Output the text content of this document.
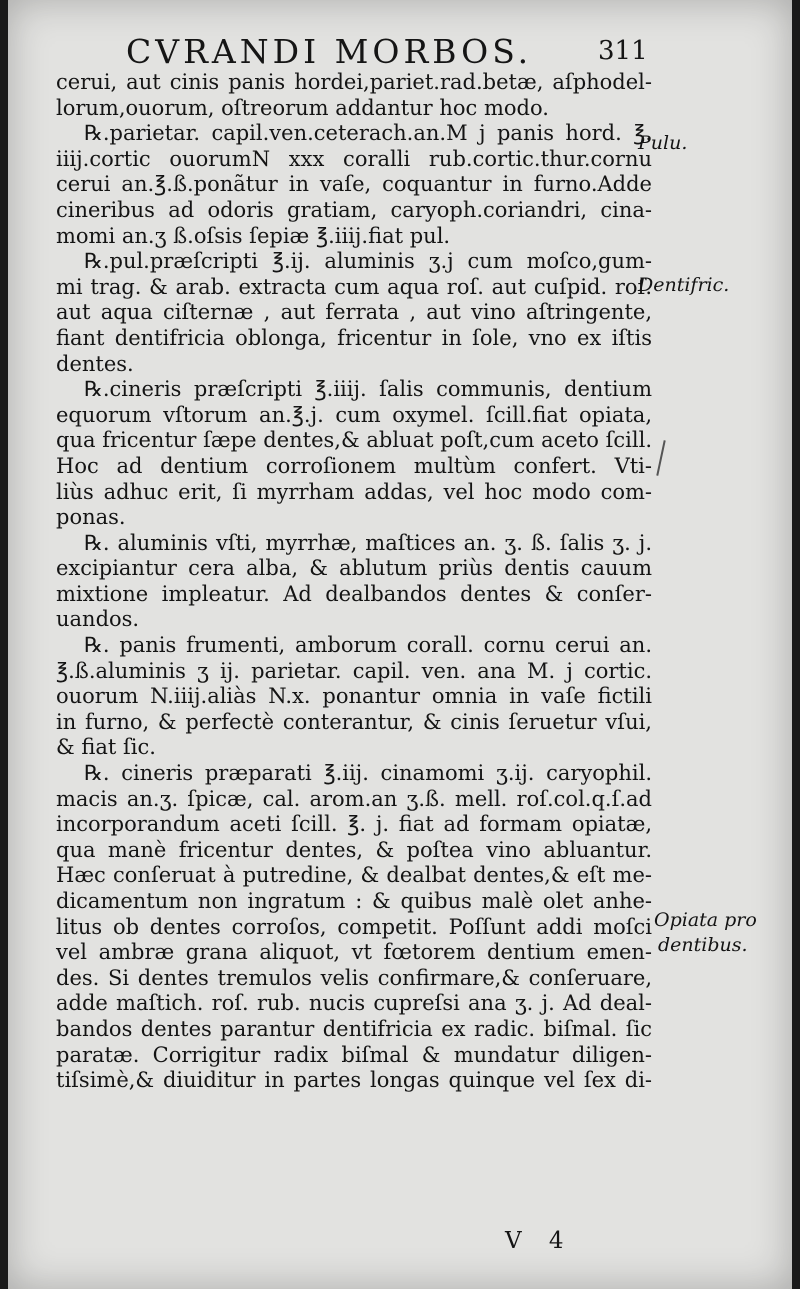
CVRANDI MORBOS.	311
cerui, aut cinis panis hordei,pariet.rad.betæ, aſphodel-
lorum,ouorum, oſtreorum addantur hoc modo.
℞.parietar. capil.ven.ceterach.an.M j panis hord. ℥.
iiij.cortic ouorumN xxx coralli rub.cortic.thur.cornu
cerui an.℥.ß.ponãtur in vaſe, coquantur in furno.Adde
cineribus ad odoris gratiam, caryoph.coriandri, cina-
momi an.ʒ ß.oſsis ſepiæ ℥.iiij.fiat pul.
℞.pul.præſcripti ℥.ij. aluminis ʒ.j cum moſco,gum-
mi trag. & arab. extracta cum aqua roſ. aut cuſpid. roſ.
aut aqua ciſternæ , aut ferrata , aut vino aſtringente,
fiant dentifricia oblonga, fricentur in ſole, vno ex iſtis
dentes.
℞.cineris præſcripti ℥.iiij. ſalis communis, dentium
equorum vſtorum an.℥.j. cum oxymel. ſcill.fiat opiata,
qua fricentur ſæpe dentes,& abluat poſt,cum aceto ſcill.
Hoc ad dentium corroſionem multùm confert. Vti-
liùs adhuc erit, ſi myrrham addas, vel hoc modo com-
ponas.
℞. aluminis vſti, myrrhæ, maſtices an. ʒ. ß. ſalis ʒ. j.
excipiantur cera alba, & ablutum priùs dentis cauum
mixtione impleatur. Ad dealbandos dentes & conſer-
uandos.
℞. panis frumenti, amborum corall. cornu cerui an.
℥.ß.aluminis ʒ ij. parietar. capil. ven. ana M. j cortic.
ouorum N.iiij.aliàs N.x. ponantur omnia in vaſe fictili
in furno, & perfectè conterantur, & cinis ſeruetur vſui,
& fiat ſic.
℞. cineris præparati ℥.iij. cinamomi ʒ.ij. caryophil.
macis an.ʒ. ſpicæ, cal. arom.an ʒ.ß. mell. roſ.col.q.ſ.ad
incorporandum aceti ſcill. ℥. j. fiat ad formam opiatæ,
qua manè fricentur dentes, & poſtea vino abluantur.
Hæc conſeruat à putredine, & dealbat dentes,& eſt me-
dicamentum non ingratum : & quibus malè olet anhe-
litus ob dentes corroſos, competit. Poſſunt addi moſci
vel ambræ grana aliquot, vt fœtorem dentium emen-
des. Si dentes tremulos velis confirmare,& conſeruare,
adde maſtich. roſ. rub. nucis cupreſsi ana ʒ. j. Ad deal-
bandos dentes parantur dentifricia ex radic. biſmal. ſic
paratæ. Corrigitur radix biſmal & mundatur diligen-
tiſsimè,& diuiditur in partes longas quinque vel ſex di-
Pulu.
Dentifric.
Opiata pro
dentibus.
V 4
